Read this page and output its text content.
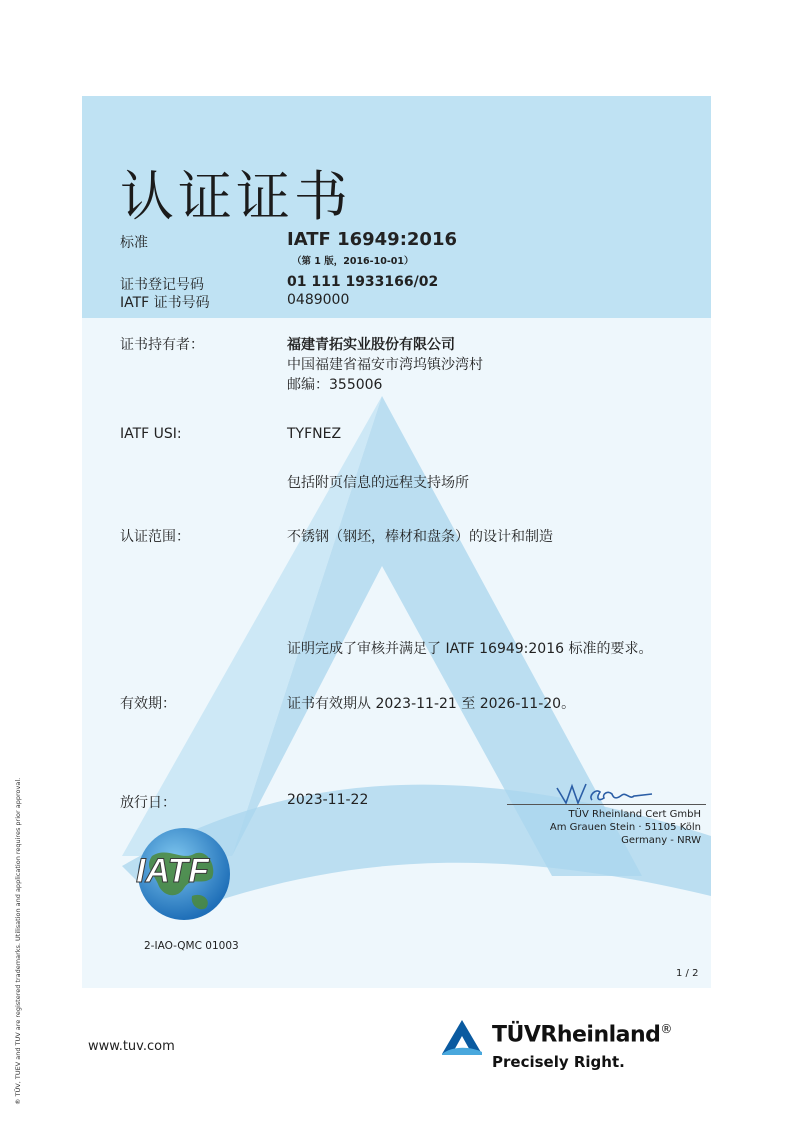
认证证书
标准	IATF 16949:2016
（第 1 版，2016-10-01）
证书登记号码	01 111 1933166/02
IATF 证书号码	0489000
证书持有者：	福建青拓实业股份有限公司
中国福建省福安市湾坞镇沙湾村
邮编：355006
IATF USI:	TYFNEZ
包括附页信息的远程支持场所
认证范围：	不锈钢（钢坯，棒材和盘条）的设计和制造
证明完成了审核并满足了 IATF 16949:2016 标准的要求。
有效期：	证书有效期从 2023-11-21 至 2026-11-20。
放行日：	2023-11-22
TÜV Rheinland Cert GmbH
Am Grauen Stein · 51105 Köln
Germany - NRW
IATF
2-IAO-QMC 01003
1 / 2
www.tuv.com	TÜVRheinland®
Precisely Right.
® TÜV, TUEV and TUV are registered trademarks. Utilisation and application requires prior approval.
